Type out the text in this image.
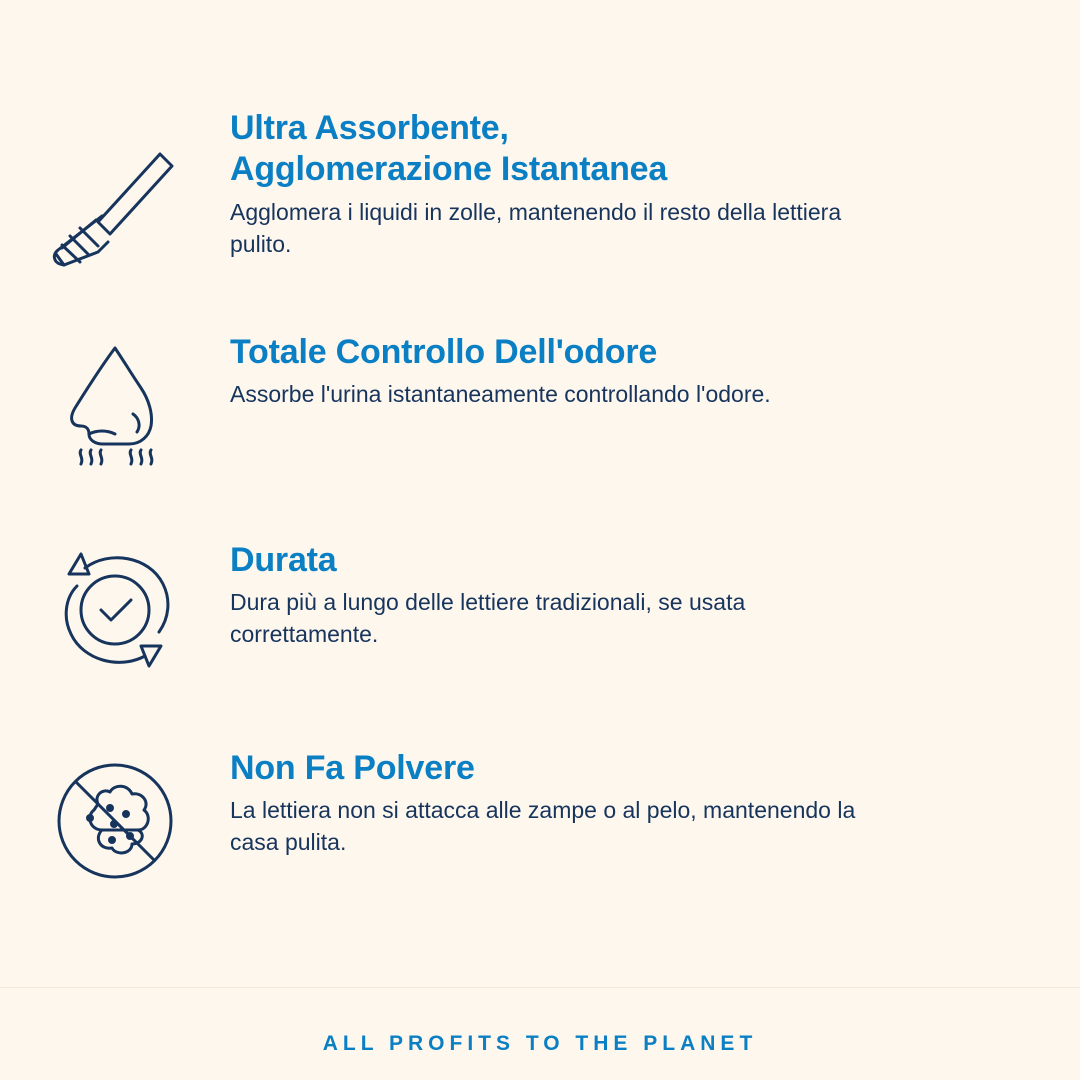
Ultra Assorbente,
Agglomerazione Istantanea

Agglomera i liquidi in zolle, mantenendo il resto della lettiera pulito.

Totale Controllo Dell'odore

Assorbe l'urina istantaneamente controllando l'odore.

Durata

Dura più a lungo delle lettiere tradizionali, se usata correttamente.

Non Fa Polvere

La lettiera non si attacca alle zampe o al pelo, mantenendo la casa pulita.

ALL PROFITS TO THE PLANET
